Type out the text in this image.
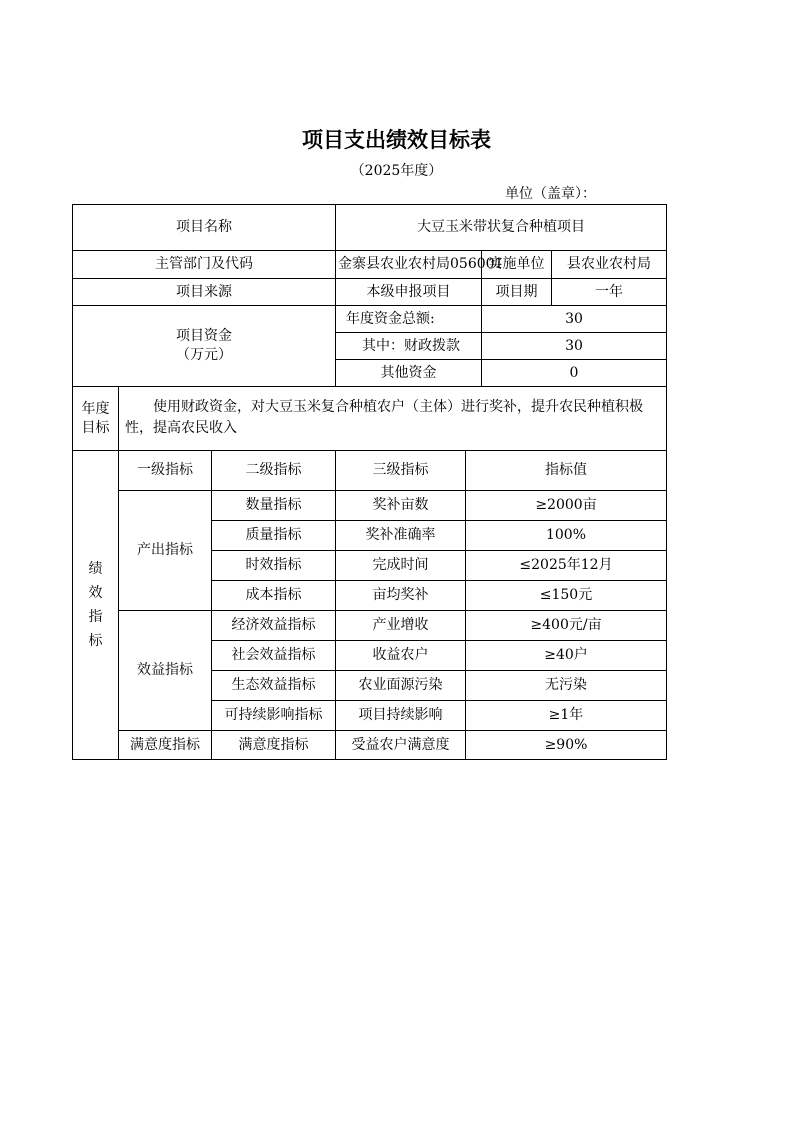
项目支出绩效目标表
（2025年度）
单位（盖章）：
项目名称			大豆玉米带状复合种植项目			
主管部门及代码			金寨县农业农村局056001		实施单位	县农业农村局
项目来源			本级申报项目		项目期	一年

项目资金
（万元）			年度资金总额:		30	
			其中：财政拨款		30	
			其他资金		0	
年度目标	　　使用财政资金，对大豆玉米复合种植农户（主体）进行奖补，提升农民种植积极性，提高农民收入					

绩效指标	一级指标	二级指标	三级指标	指标值		
	产出指标	数量指标	奖补亩数	≥2000亩		
		质量指标	奖补准确率	100%		
		时效指标	完成时间	≤2025年12月		
		成本指标	亩均奖补	≤150元		
	效益指标	经济效益指标	产业增收	≥400元/亩		
		社会效益指标	收益农户	≥40户		
		生态效益指标	农业面源污染	无污染		
		可持续影响指标	项目持续影响	≥1年		
	满意度指标	满意度指标	受益农户满意度	≥90%		
